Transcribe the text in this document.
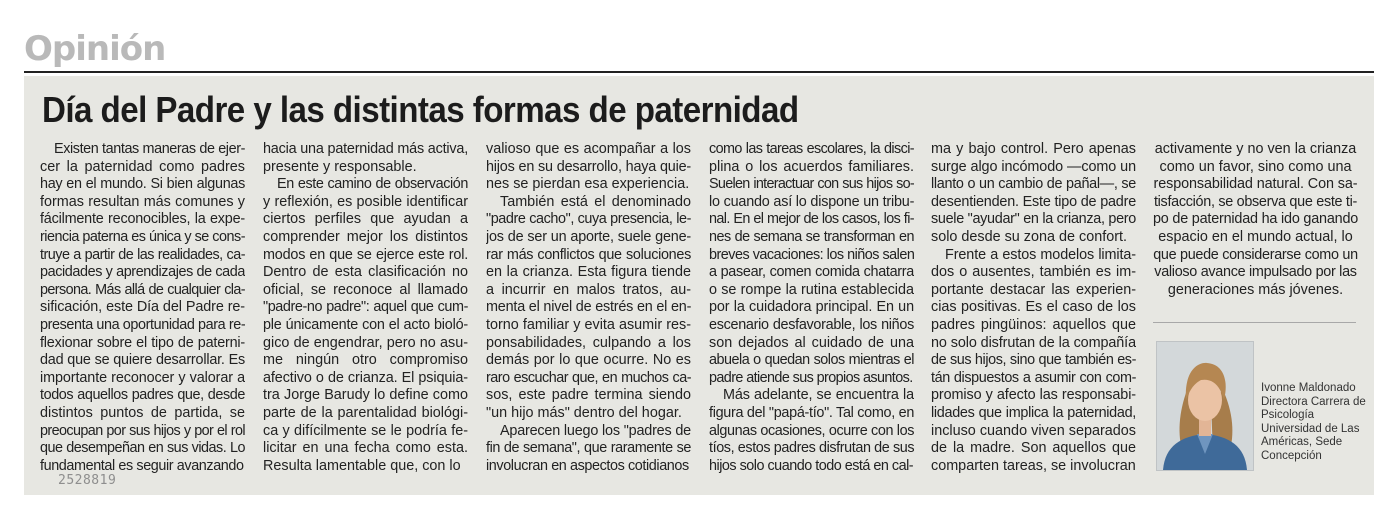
Opinión
Día del Padre y las distintas formas de paternidad
Existen tantas maneras de ejer-
cer la paternidad como padres
hay en el mundo. Si bien algunas
formas resultan más comunes y
fácilmente reconocibles, la expe-
riencia paterna es única y se cons-
truye a partir de las realidades, ca-
pacidades y aprendizajes de cada
persona. Más allá de cualquier cla-
sificación, este Día del Padre re-
presenta una oportunidad para re-
flexionar sobre el tipo de paterni-
dad que se quiere desarrollar. Es
importante reconocer y valorar a
todos aquellos padres que, desde
distintos puntos de partida, se
preocupan por sus hijos y por el rol
que desempeñan en sus vidas. Lo
fundamental es seguir avanzando
hacia una paternidad más activa,
presente y responsable.
En este camino de observación
y reflexión, es posible identificar
ciertos perfiles que ayudan a
comprender mejor los distintos
modos en que se ejerce este rol.
Dentro de esta clasificación no
oficial, se reconoce al llamado
"padre-no padre": aquel que cum-
ple únicamente con el acto bioló-
gico de engendrar, pero no asu-
me ningún otro compromiso
afectivo o de crianza. El psiquia-
tra Jorge Barudy lo define como
parte de la parentalidad biológi-
ca y difícilmente se le podría fe-
licitar en una fecha como esta.
Resulta lamentable que, con lo
valioso que es acompañar a los
hijos en su desarrollo, haya quie-
nes se pierdan esa experiencia.
También está el denominado
"padre cacho", cuya presencia, le-
jos de ser un aporte, suele gene-
rar más conflictos que soluciones
en la crianza. Esta figura tiende
a incurrir en malos tratos, au-
menta el nivel de estrés en el en-
torno familiar y evita asumir res-
ponsabilidades, culpando a los
demás por lo que ocurre. No es
raro escuchar que, en muchos ca-
sos, este padre termina siendo
"un hijo más" dentro del hogar.
Aparecen luego los "padres de
fin de semana", que raramente se
involucran en aspectos cotidianos
como las tareas escolares, la disci-
plina o los acuerdos familiares.
Suelen interactuar con sus hijos so-
lo cuando así lo dispone un tribu-
nal. En el mejor de los casos, los fi-
nes de semana se transforman en
breves vacaciones: los niños salen
a pasear, comen comida chatarra
o se rompe la rutina establecida
por la cuidadora principal. En un
escenario desfavorable, los niños
son dejados al cuidado de una
abuela o quedan solos mientras el
padre atiende sus propios asuntos.
Más adelante, se encuentra la
figura del "papá-tío". Tal como, en
algunas ocasiones, ocurre con los
tíos, estos padres disfrutan de sus
hijos solo cuando todo está en cal-
ma y bajo control. Pero apenas
surge algo incómodo —como un
llanto o un cambio de pañal—, se
desentienden. Este tipo de padre
suele "ayudar" en la crianza, pero
solo desde su zona de confort.
Frente a estos modelos limita-
dos o ausentes, también es im-
portante destacar las experien-
cias positivas. Es el caso de los
padres pingüinos: aquellos que
no solo disfrutan de la compañía
de sus hijos, sino que también es-
tán dispuestos a asumir con com-
promiso y afecto las responsabi-
lidades que implica la paternidad,
incluso cuando viven separados
de la madre. Son aquellos que
comparten tareas, se involucran
activamente y no ven la crianza
como un favor, sino como una
responsabilidad natural. Con sa-
tisfacción, se observa que este ti-
po de paternidad ha ido ganando
espacio en el mundo actual, lo
que puede considerarse como un
valioso avance impulsado por las
generaciones más jóvenes.
Ivonne Maldonado
Directora Carrera de
Psicología
Universidad de Las
Américas, Sede
Concepción
2528819
